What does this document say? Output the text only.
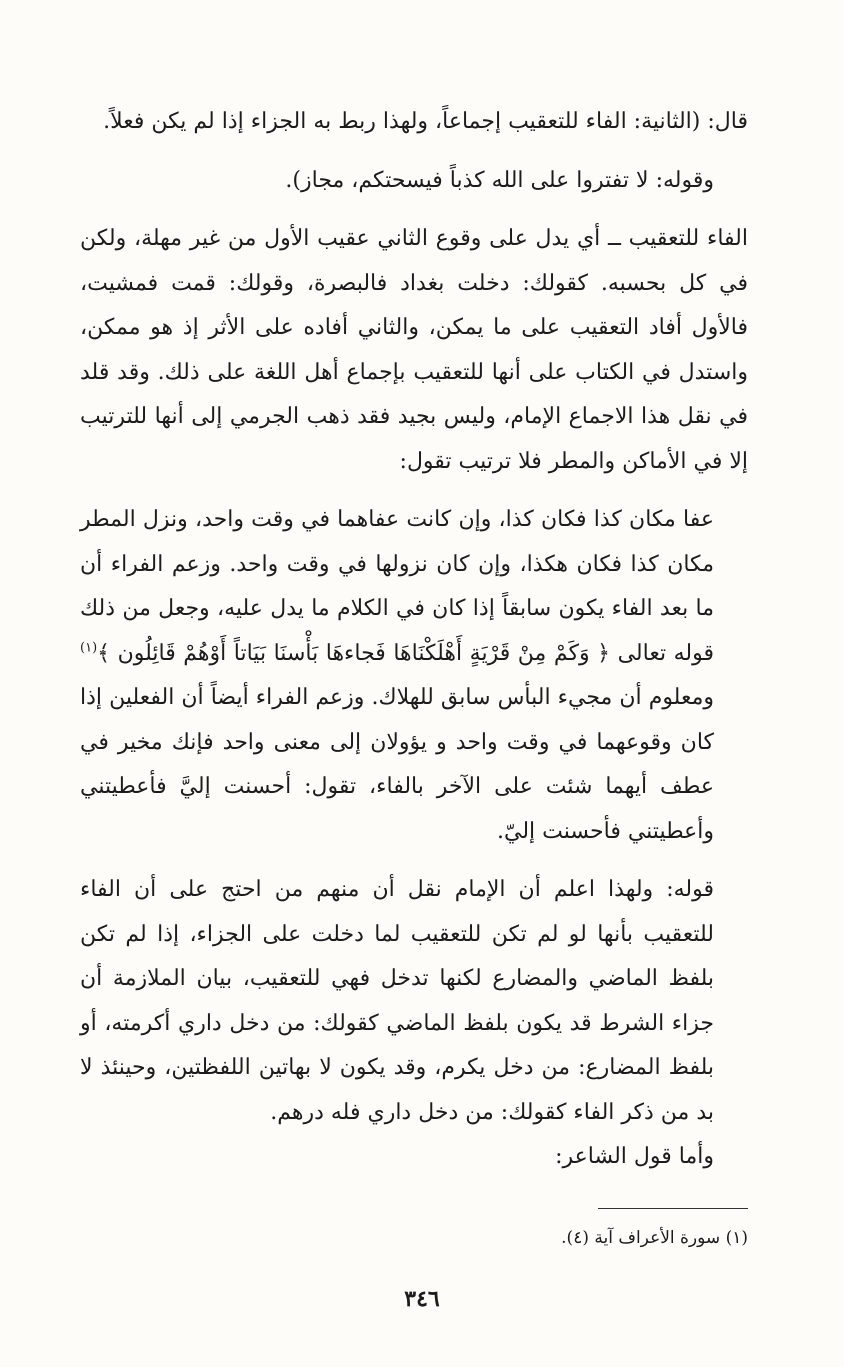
قال: (الثانية: الفاء للتعقيب إجماعاً، ولهذا ربط به الجزاء إذا لم يكن فعلاً.

وقوله: لا تفتروا على الله كذباً فيسحتكم، مجاز).

الفاء للتعقيب ــ أي يدل على وقوع الثاني عقيب الأول من غير مهلة، ولكن في كل بحسبه. كقولك: دخلت بغداد فالبصرة، وقولك: قمت فمشيت، فالأول أفاد التعقيب على ما يمكن، والثاني أفاده على الأثر إذ هو ممكن، واستدل في الكتاب على أنها للتعقيب بإجماع أهل اللغة على ذلك. وقد قلد في نقل هذا الاجماع الإمام، وليس بجيد فقد ذهب الجرمي إلى أنها للترتيب إلا في الأماكن والمطر فلا ترتيب تقول:

عفا مكان كذا فكان كذا، وإن كانت عفاهما في وقت واحد، ونزل المطر مكان كذا فكان هكذا، وإن كان نزولها في وقت واحد. وزعم الفراء أن ما بعد الفاء يكون سابقاً إذا كان في الكلام ما يدل عليه، وجعل من ذلك قوله تعالى ﴿ وَكَمْ مِنْ قَرْيَةٍ أَهْلَكْنَاهَا فَجاءهَا بَأْسنَا بَيَاتاً أَوْهُمْ قَائِلُون ﴾$^{(١)}$ ومعلوم أن مجيء البأس سابق للهلاك. وزعم الفراء أيضاً أن الفعلين إذا كان وقوعهما في وقت واحد و يؤولان إلى معنى واحد فإنك مخير في عطف أيهما شئت على الآخر بالفاء، تقول: أحسنت إليَّ فأعطيتني وأعطيتني فأحسنت إليّ.

قوله: ولهذا اعلم أن الإمام نقل أن منهم من احتج على أن الفاء للتعقيب بأنها لو لم تكن للتعقيب لما دخلت على الجزاء، إذا لم تكن بلفظ الماضي والمضارع لكنها تدخل فهي للتعقيب، بيان الملازمة أن جزاء الشرط قد يكون بلفظ الماضي كقولك: من دخل داري أكرمته، أو بلفظ المضارع: من دخل يكرم، وقد يكون لا بهاتين اللفظتين، وحينئذ لا بد من ذكر الفاء كقولك: من دخل داري فله درهم.

وأما قول الشاعر:

(١) سورة الأعراف آية (٤).
٣٤٦
